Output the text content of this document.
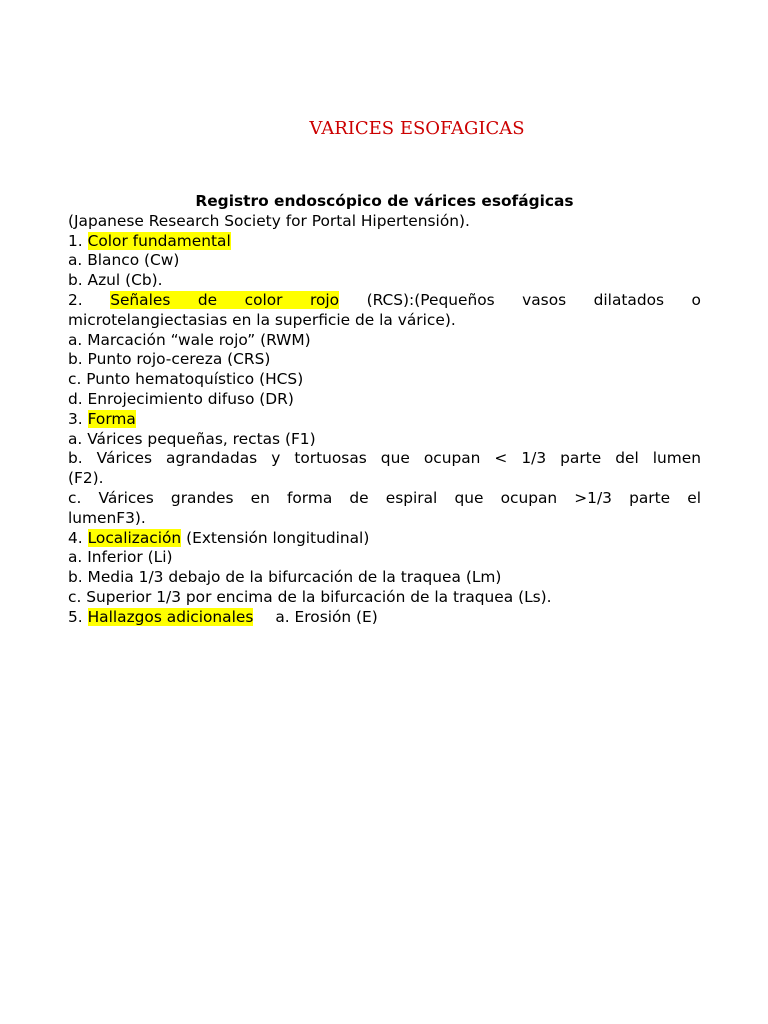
VARICES ESOFAGICAS
Registro endoscópico de várices esofágicas
(Japanese Research Society for Portal Hipertensión).
1. Color fundamental
a. Blanco (Cw)
b. Azul (Cb).
2. Señales de color rojo (RCS):(Pequeños vasos dilatados o
microtelangiectasias en la superficie de la várice).
a. Marcación “wale rojo” (RWM)
b. Punto rojo-cereza (CRS)
c. Punto hematoquístico (HCS)
d. Enrojecimiento difuso (DR)
3. Forma
a. Várices pequeñas, rectas (F1)
b. Várices agrandadas y tortuosas que ocupan < 1/3 parte del lumen
(F2).
c. Várices grandes en forma de espiral que ocupan >1/3 parte el
lumenF3).
4. Localización (Extensión longitudinal)
a. Inferior (Li)
b. Media 1/3 debajo de la bifurcación de la traquea (Lm)
c. Superior 1/3 por encima de la bifurcación de la traquea (Ls).
5. Hallazgos adicionales a. Erosión (E)
